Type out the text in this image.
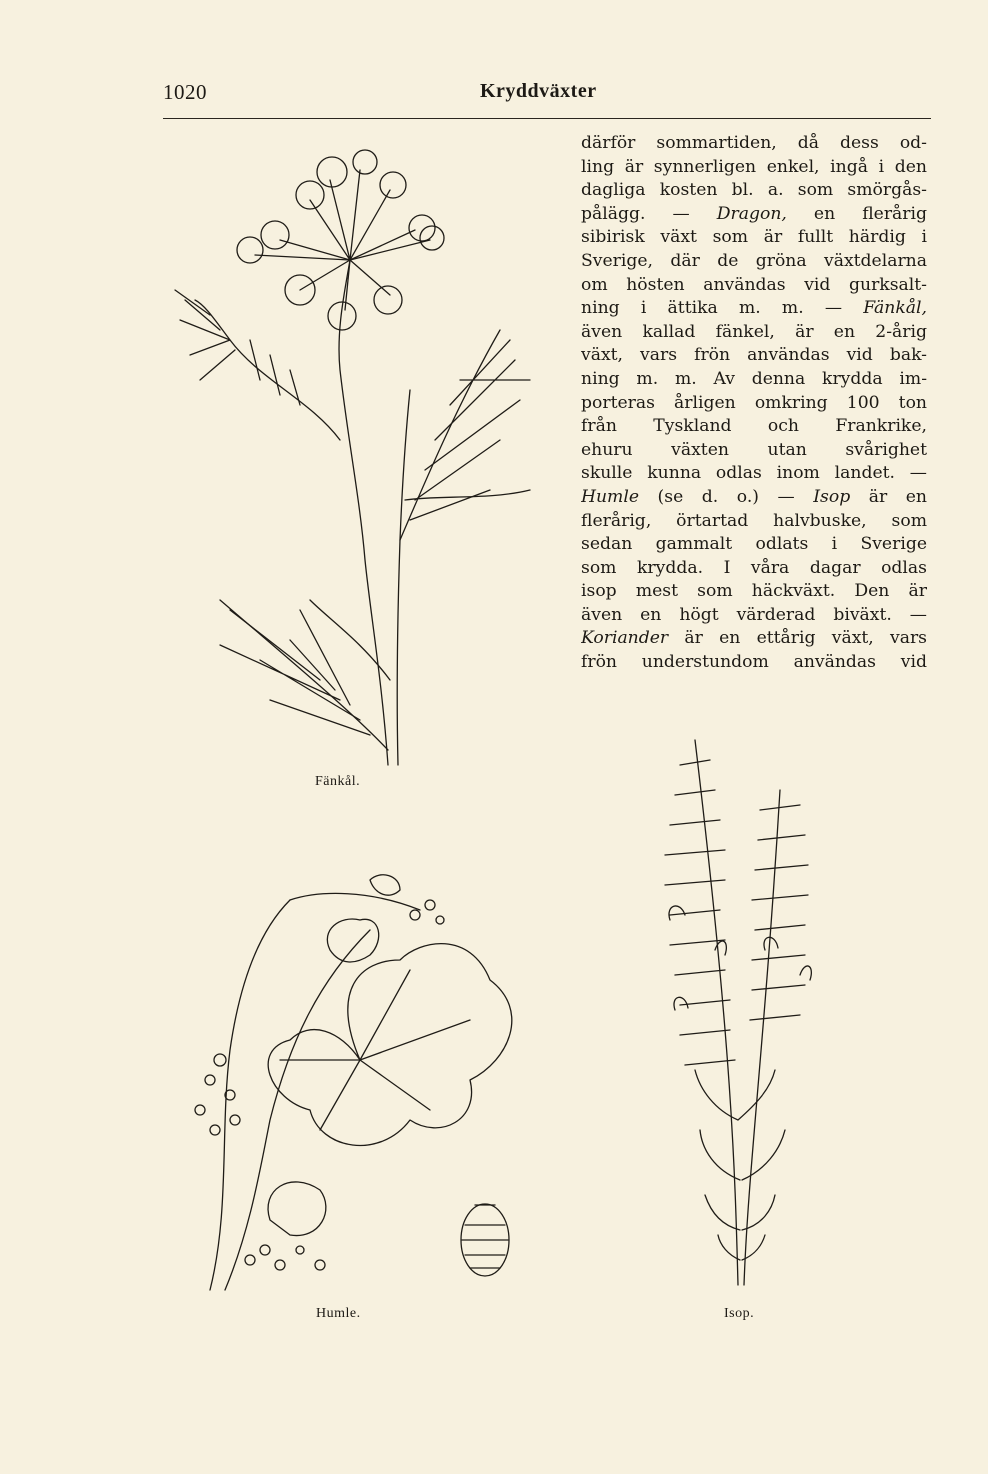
1020	Kryddväxter
därför sommartiden, då dess od-
ling är synnerligen enkel, ingå i den
dagliga kosten bl. a. som smörgås-
pålägg. — Dragon, en flerårig
sibirisk växt som är fullt härdig i
Sverige, där de gröna växtdelarna
om hösten användas vid gurksalt-
ning i ättika m. m. — Fänkål,
även kallad fänkel, är en 2-årig
växt, vars frön användas vid bak-
ning m. m. Av denna krydda im-
porteras årligen omkring 100 ton
från Tyskland och Frankrike,
ehuru växten utan svårighet
skulle kunna odlas inom landet. —
Humle (se d. o.) — Isop är en
flerårig, örtartad halvbuske, som
sedan gammalt odlats i Sverige
som krydda. I våra dagar odlas
isop mest som häckväxt. Den är
även en högt värderad biväxt. —
Koriander är en ettårig växt, vars
frön understundom användas vid
Fänkål.
Humle.	Isop.
